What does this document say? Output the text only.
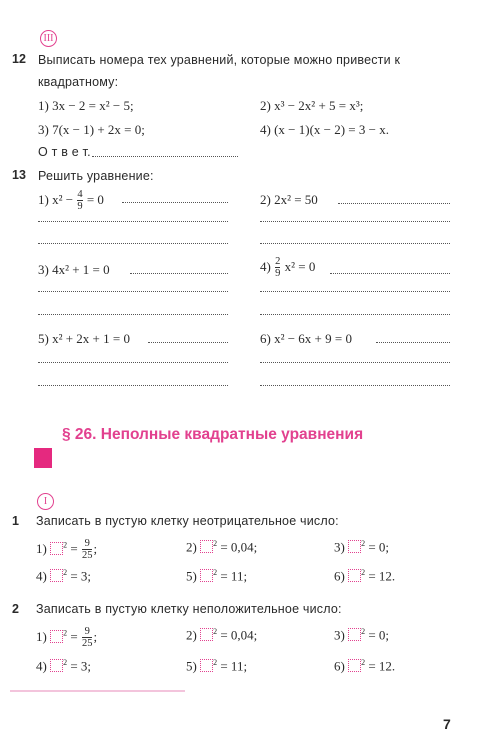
III
12 Выписать номера тех уравнений, которые можно привести к
квадратному:
1) 3x − 2 = x² − 5;	2) x³ − 2x² + 5 = x³;
3) 7(x − 1) + 2x = 0;	4) (x − 1)(x − 2) = 3 − x.
О т в е т.
13 Решить уравнение:
1) $x^2 - \frac{4}{9} = 0$	2) 2x² = 50
3) 4x² + 1 = 0	$4) \frac{2}{9} x^2 = 0$
5) x² + 2x + 1 = 0	6) x² − 6x + 9 = 0
§ 26. Неполные квадратные уравнения
I
1 Записать в пустую клетку неотрицательное число:
1) $^2 = \frac{9}{25}$ ;	2) $^2$ = 0,04;	3) $^2$ = 0;
4) $^2$ = 3;	5) $^2$ = 11;	6) $^2$ = 12.
2 Записать в пустую клетку неположительное число:
1) $^2 = \frac{9}{25}$ ;	2) $^2$ = 0,04;	3) $^2$ = 0;
4) $^2$ = 3;	5) $^2$ = 11;	6) $^2$ = 12.
7
